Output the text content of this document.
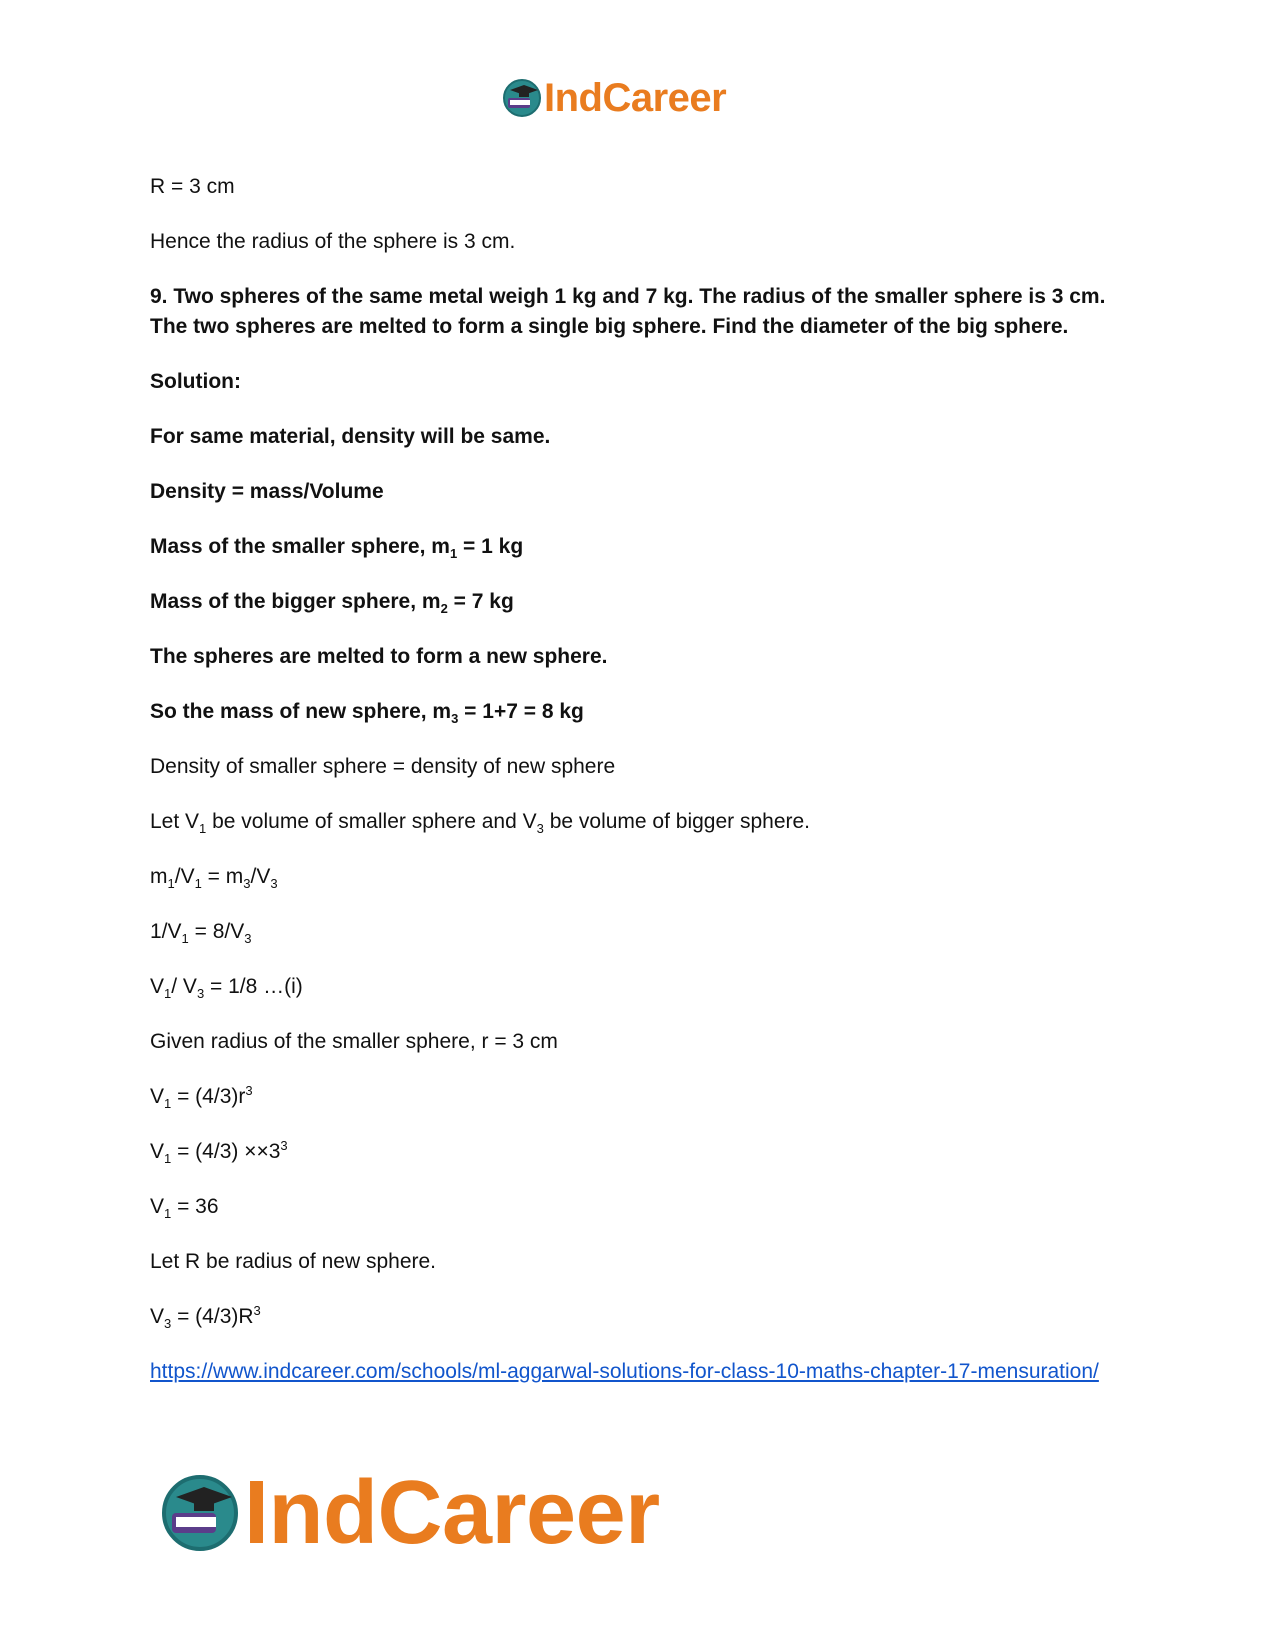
IndCareer

R = 3 cm

Hence the radius of the sphere is 3 cm.

9. Two spheres of the same metal weigh 1 kg and 7 kg. The radius of the smaller sphere is 3 cm. The two spheres are melted to form a single big sphere. Find the diameter of the big sphere.

Solution:

For same material, density will be same.

Density = mass/Volume

Mass of the smaller sphere, $m_1 = 1$ kg

Mass of the bigger sphere, $m_2 = 7$ kg

The spheres are melted to form a new sphere.

So the mass of new sphere, $m_3 = 1+7 = 8$ kg

Density of smaller sphere = density of new sphere

Let $V_1$ be volume of smaller sphere and $V_3$ be volume of bigger sphere.

$m_1/V_1 = m_3/V_3$

$1/V_1 = 8/V_3$

$V_1/$ $V_3 = 1/8$ …(i)

Given radius of the smaller sphere, r = 3 cm

$V_1 = (4/3)r^3$

$V_1 = (4/3) \times\times 3^3$

$V_1 = 36$

Let R be radius of new sphere.

$V_3 = (4/3)R^3$

https://www.indcareer.com/schools/ml-aggarwal-solutions-for-class-10-maths-chapter-17-mensuration/
IndCareer
